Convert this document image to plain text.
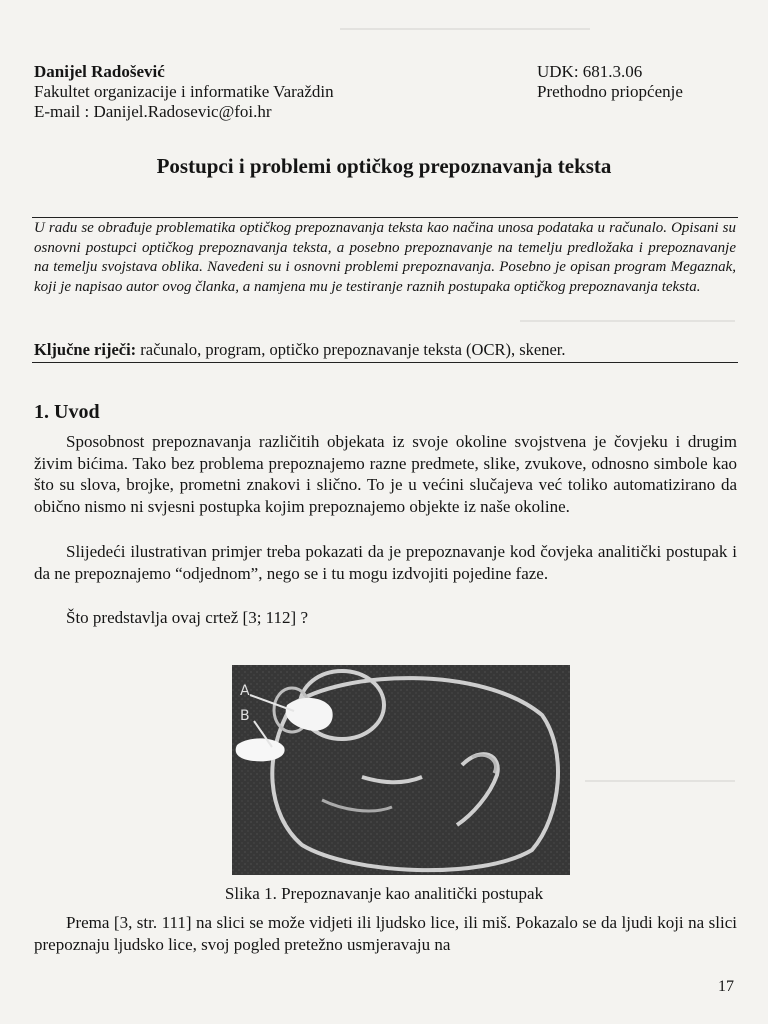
Danijel Radošević
Fakultet organizacije i informatike Varaždin
E-mail : Danijel.Radosevic@foi.hr
UDK: 681.3.06
Prethodno priopćenje
Postupci i problemi optičkog prepoznavanja teksta

U radu se obrađuje problematika optičkog prepoznavanja teksta kao načina unosa podataka u računalo. Opisani su osnovni postupci optičkog prepoznavanja teksta, a posebno prepoznavanje na temelju predložaka i prepoznavanje na temelju svojstava oblika. Navedeni su i osnovni problemi prepoznavanja. Posebno je opisan program Megaznak, koji je napisao autor ovog članka, a namjena mu je testiranje raznih postupaka optičkog prepoznavanja teksta.

Ključne riječi: računalo, program, optičko prepoznavanje teksta (OCR), skener.
1. Uvod

Sposobnost prepoznavanja različitih objekata iz svoje okoline svojstvena je čovjeku i drugim živim bićima. Tako bez problema prepoznajemo razne predmete, slike, zvukove, odnosno simbole kao što su slova, brojke, prometni znakovi i slično. To je u većini slučajeva već toliko automatizirano da obično nismo ni svjesni postupka kojim prepoznajemo objekte iz naše okoline.

Slijedeći ilustrativan primjer treba pokazati da je prepoznavanje kod čovjeka analitički postupak i da ne prepoznajemo “odjednom”, nego se i tu mogu izdvojiti pojedine faze.

Što predstavlja ovaj crtež [3; 112] ?

A
B
Slika 1. Prepoznavanje kao analitički postupak

Prema [3, str. 111] na slici se može vidjeti ili ljudsko lice, ili miš. Pokazalo se da ljudi koji na slici prepoznaju ljudsko lice, svoj pogled pretežno usmjeravaju na

17
